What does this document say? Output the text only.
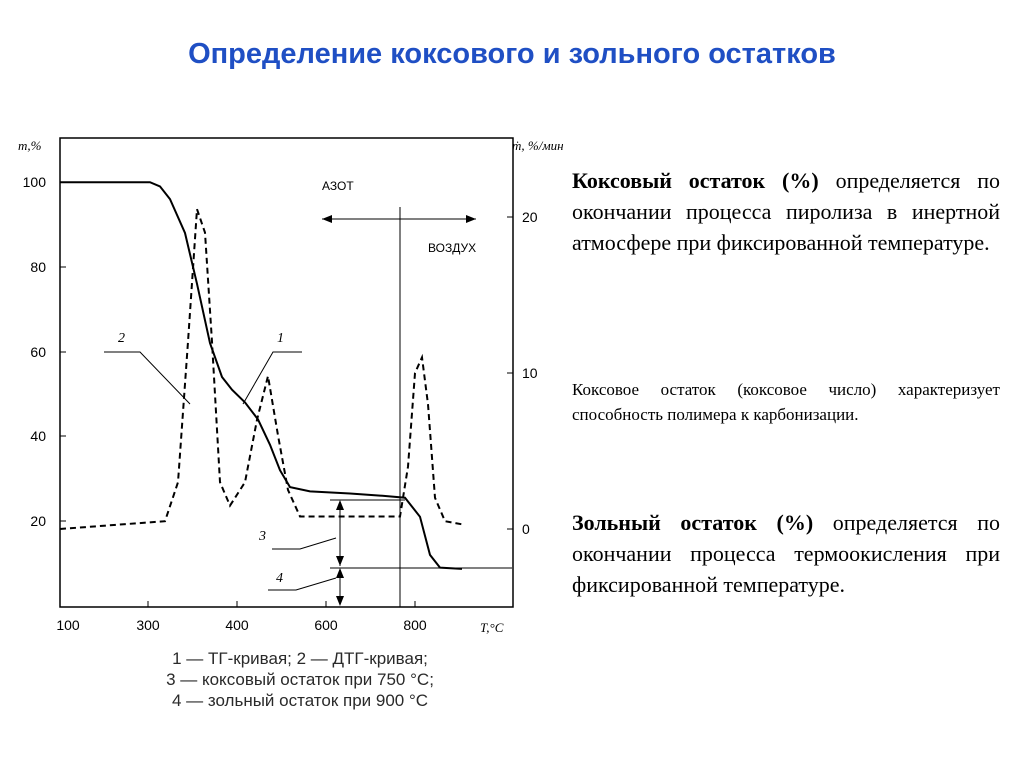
Определение коксового и зольного остатков
m,%	ṁ, %/мин
T,°C
100	300	400	600	800
100
80
60
40
20
20
10
0
АЗОТ
ВОЗДУХ
1
2
3
4
1 — ТГ-кривая; 2 — ДТГ-кривая;
3 — коксовый остаток при 750 °С;
4 — зольный остаток при 900 °С
Коксовый остаток (%) определяется по окончании процесса пиролиза в инертной атмосфере при фиксированной температуре.
Коксовое остаток (коксовое число) характеризует способность полимера к карбонизации.
Зольный остаток (%) определяется по окончании процесса термоокисления при фиксированной температуре.
